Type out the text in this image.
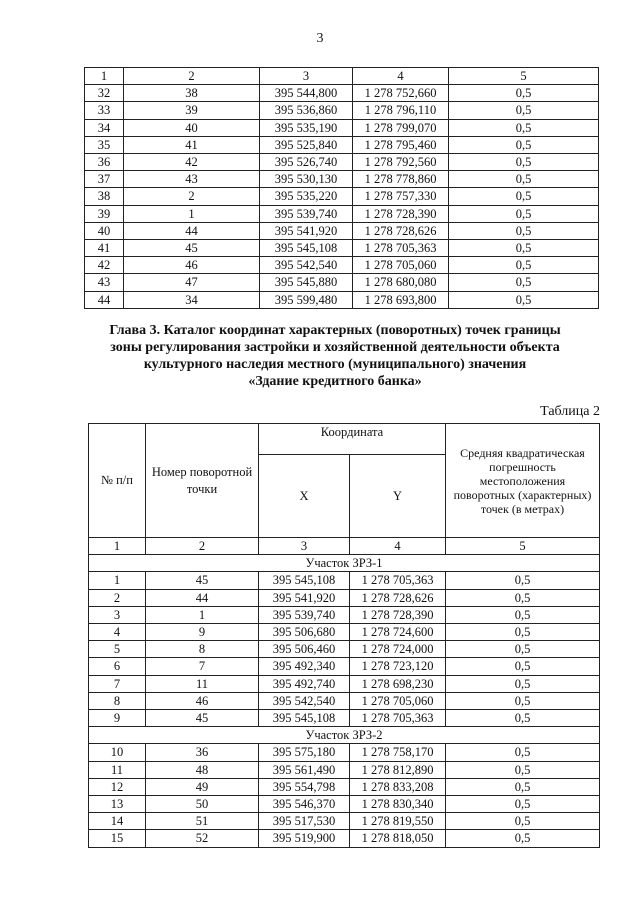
3
1	2	3	4	5
32	38	395 544,800	1 278 752,660	0,5
33	39	395 536,860	1 278 796,110	0,5
34	40	395 535,190	1 278 799,070	0,5
35	41	395 525,840	1 278 795,460	0,5
36	42	395 526,740	1 278 792,560	0,5
37	43	395 530,130	1 278 778,860	0,5
38	2	395 535,220	1 278 757,330	0,5
39	1	395 539,740	1 278 728,390	0,5
40	44	395 541,920	1 278 728,626	0,5
41	45	395 545,108	1 278 705,363	0,5
42	46	395 542,540	1 278 705,060	0,5
43	47	395 545,880	1 278 680,080	0,5
44	34	395 599,480	1 278 693,800	0,5
Глава 3. Каталог координат характерных (поворотных) точек границы
зоны регулирования застройки и хозяйственной деятельности объекта
культурного наследия местного (муниципального) значения
«Здание кредитного банка»
Таблица 2
№ п/п	Номер поворотной точки	Координата		Средняя квадратическая погрешность местоположения поворотных (характерных) точек (в метрах)
		X	Y	
1	2	3	4	5
Участок ЗРЗ-1				
1	45	395 545,108	1 278 705,363	0,5
2	44	395 541,920	1 278 728,626	0,5
3	1	395 539,740	1 278 728,390	0,5
4	9	395 506,680	1 278 724,600	0,5
5	8	395 506,460	1 278 724,000	0,5
6	7	395 492,340	1 278 723,120	0,5
7	11	395 492,740	1 278 698,230	0,5
8	46	395 542,540	1 278 705,060	0,5
9	45	395 545,108	1 278 705,363	0,5
Участок ЗРЗ-2				
10	36	395 575,180	1 278 758,170	0,5
11	48	395 561,490	1 278 812,890	0,5
12	49	395 554,798	1 278 833,208	0,5
13	50	395 546,370	1 278 830,340	0,5
14	51	395 517,530	1 278 819,550	0,5
15	52	395 519,900	1 278 818,050	0,5
